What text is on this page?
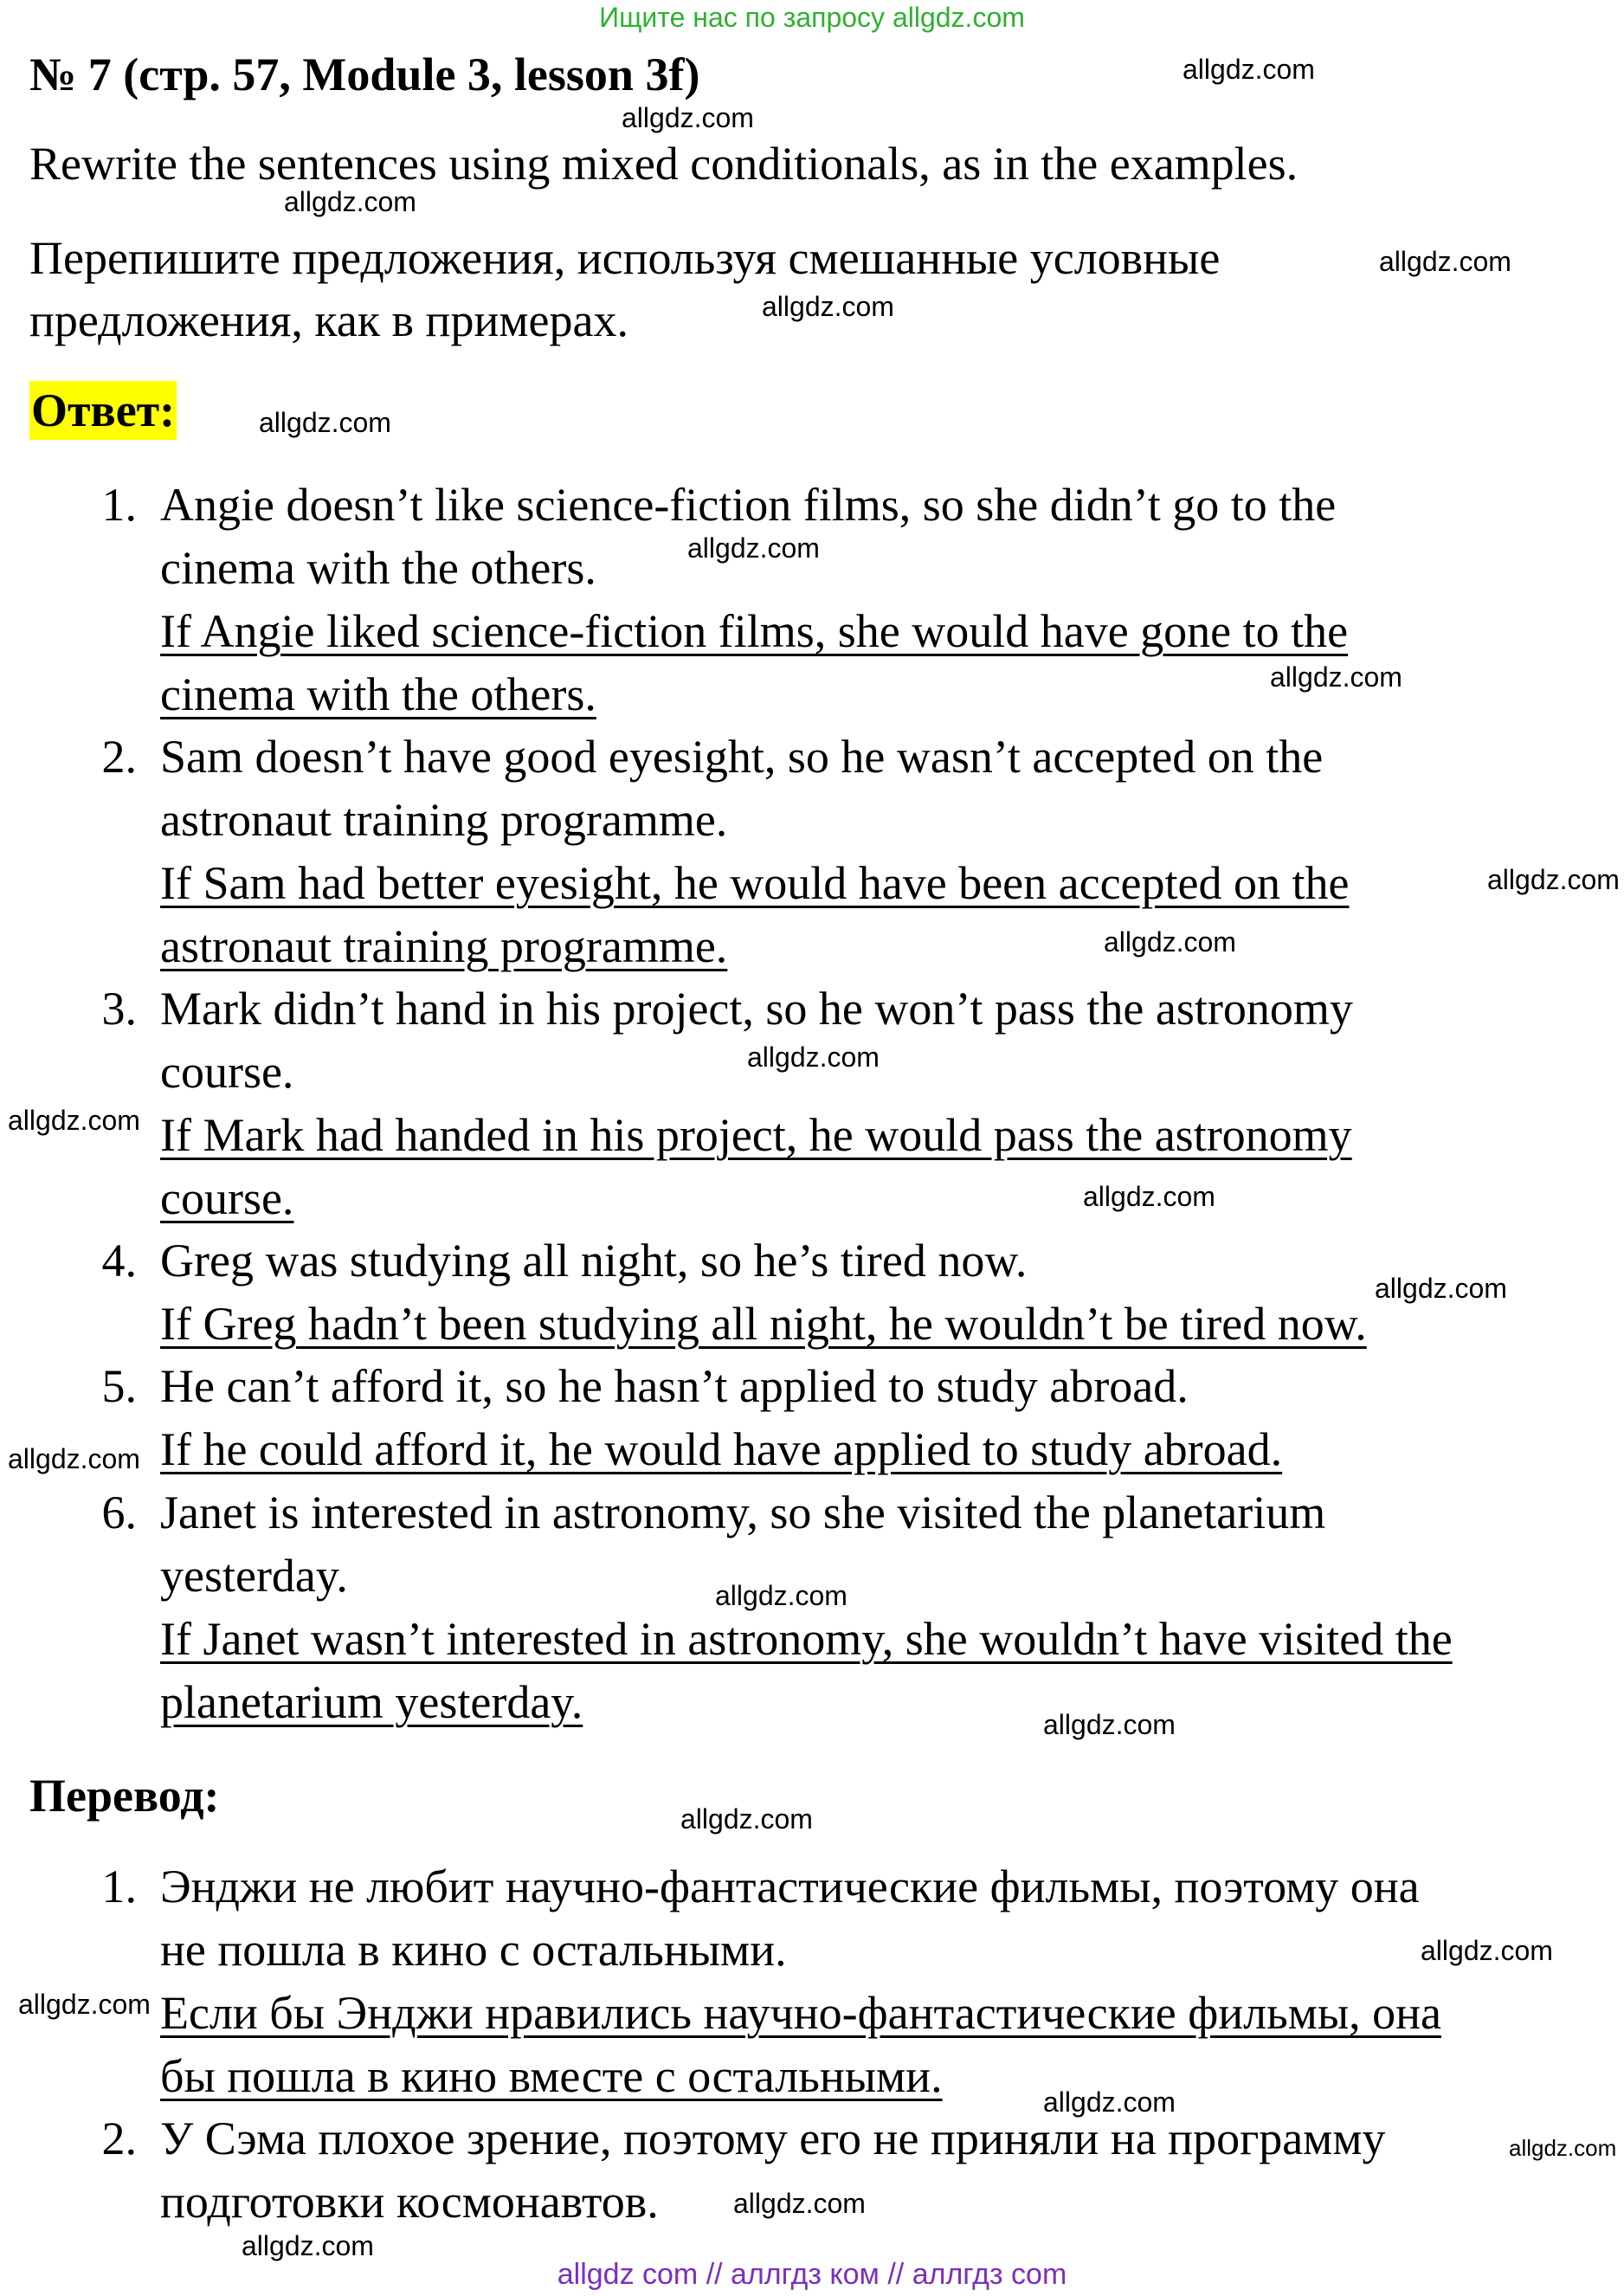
Ищите нас по запросу allgdz.com
№ 7 (стр. 57, Module 3, lesson 3f)
Rewrite the sentences using mixed conditionals, as in the examples.
Перепишите предложения, используя смешанные условные
предложения, как в примерах.
Ответ:
1. Angie doesn’t like science-fiction films, so she didn’t go to the
cinema with the others.
If Angie liked science-fiction films, she would have gone to the
cinema with the others.
2. Sam doesn’t have good eyesight, so he wasn’t accepted on the
astronaut training programme.
If Sam had better eyesight, he would have been accepted on the
astronaut training programme.
3. Mark didn’t hand in his project, so he won’t pass the astronomy
course.
If Mark had handed in his project, he would pass the astronomy
course.
4. Greg was studying all night, so he’s tired now.
If Greg hadn’t been studying all night, he wouldn’t be tired now.
5. He can’t afford it, so he hasn’t applied to study abroad.
If he could afford it, he would have applied to study abroad.
6. Janet is interested in astronomy, so she visited the planetarium
yesterday.
If Janet wasn’t interested in astronomy, she wouldn’t have visited the
planetarium yesterday.
Перевод:
1. Энджи не любит научно-фантастические фильмы, поэтому она
не пошла в кино с остальными.
Если бы Энджи нравились научно-фантастические фильмы, она
бы пошла в кино вместе с остальными.
2. У Сэма плохое зрение, поэтому его не приняли на программу
подготовки космонавтов.
allgdz.com
allgdz.com
allgdz.com
allgdz.com
allgdz.com
allgdz.com
allgdz.com
allgdz.com
allgdz.com
allgdz.com
allgdz.com
allgdz.com
allgdz.com
allgdz.com
allgdz.com
allgdz.com
allgdz.com
allgdz.com
allgdz.com
allgdz.com
allgdz.com
allgdz.com
allgdz.com
allgdz.com
allgdz com // аллгдз ком // аллгдз com
